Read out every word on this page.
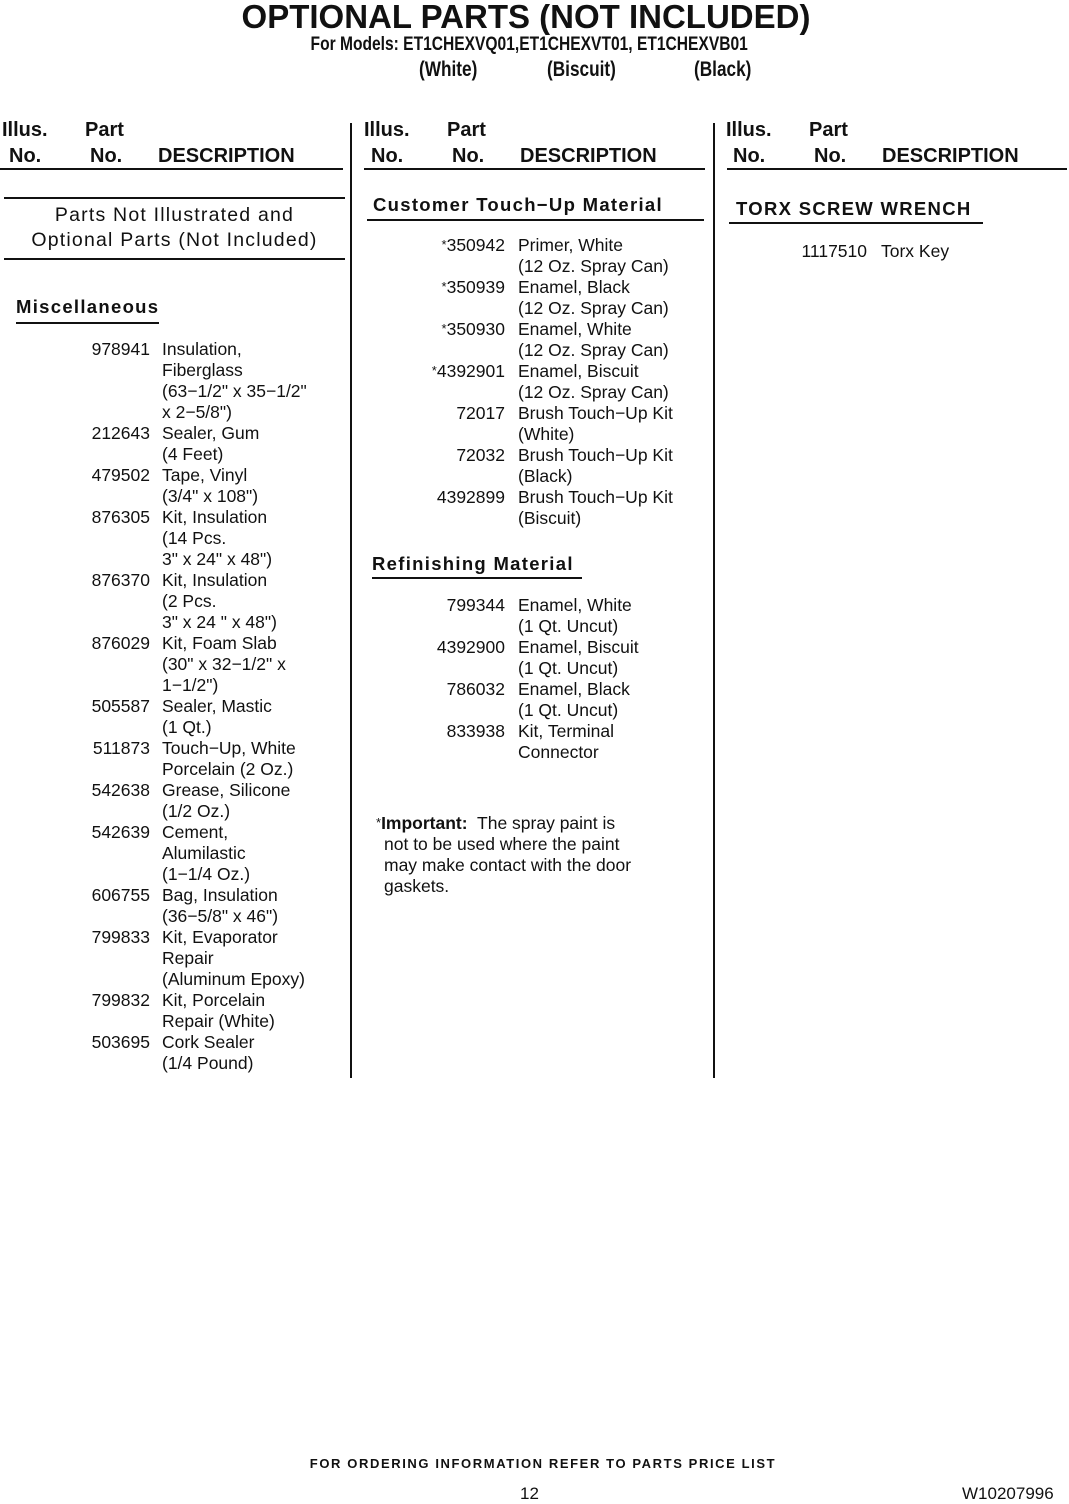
OPTIONAL PARTS (NOT INCLUDED)
For Models: ET1CHEXVQ01,ET1CHEXVT01, ET1CHEXVB01
(White)	(Biscuit)	(Black)
Illus.
No.
Part
No. DESCRIPTION
Illus.
No.
Part
No. DESCRIPTION
Illus.
No.
Part
No. DESCRIPTION
Parts Not Illustrated and
Optional Parts (Not Included)
Miscellaneous
978941 Insulation,
Fiberglass
(63−1/2" x 35−1/2"
x 2−5/8")
212643 Sealer, Gum
(4 Feet)
479502 Tape, Vinyl
(3/4" x 108")
876305 Kit, Insulation
(14 Pcs.
3" x 24" x 48")
876370 Kit, Insulation
(2 Pcs.
3" x 24 " x 48")
876029 Kit, Foam Slab
(30" x 32−1/2" x
1−1/2")
505587 Sealer, Mastic
(1 Qt.)
511873 Touch−Up, White
Porcelain (2 Oz.)
542638 Grease, Silicone
(1/2 Oz.)
542639 Cement,
Alumilastic
(1−1/4 Oz.)
606755 Bag, Insulation
(36−5/8" x 46")
799833 Kit, Evaporator
Repair
(Aluminum Epoxy)
799832 Kit, Porcelain
Repair (White)
503695 Cork Sealer
(1/4 Pound)
Customer Touch−Up Material
*350942 Primer, White
(12 Oz. Spray Can)
*350939 Enamel, Black
(12 Oz. Spray Can)
*350930 Enamel, White
(12 Oz. Spray Can)
*4392901 Enamel, Biscuit
(12 Oz. Spray Can)
72017 Brush Touch−Up Kit
(White)
72032 Brush Touch−Up Kit
(Black)
4392899 Brush Touch−Up Kit
(Biscuit)
Refinishing Material
799344 Enamel, White
(1 Qt. Uncut)
4392900 Enamel, Biscuit
(1 Qt. Uncut)
786032 Enamel, Black
(1 Qt. Uncut)
833938 Kit, Terminal
Connector
*Important: The spray paint is
not to be used where the paint
may make contact with the door
gaskets.
TORX SCREW WRENCH
1117510 Torx Key
FOR ORDERING INFORMATION REFER TO PARTS PRICE LIST
12	W10207996
